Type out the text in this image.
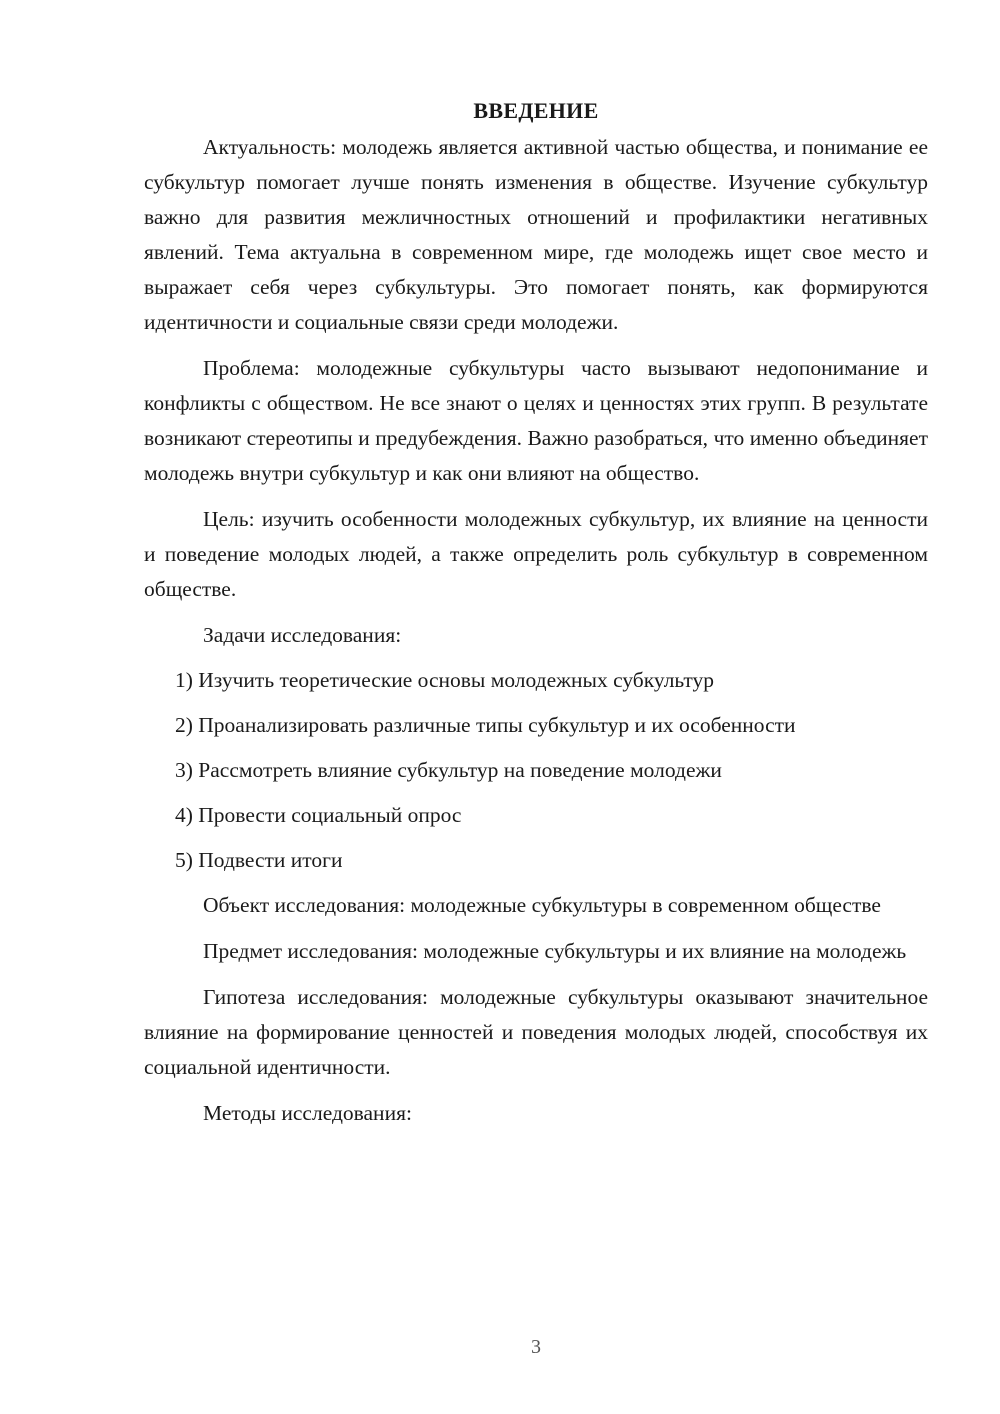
ВВЕДЕНИЕ

Актуальность: молодежь является активной частью общества, и понимание ее субкультур помогает лучше понять изменения в обществе. Изучение субкультур важно для развития межличностных отношений и профилактики негативных явлений. Тема актуальна в современном мире, где молодежь ищет свое место и выражает себя через субкультуры. Это помогает понять, как формируются идентичности и социальные связи среди молодежи.

Проблема: молодежные субкультуры часто вызывают недопонимание и конфликты с обществом. Не все знают о целях и ценностях этих групп. В результате возникают стереотипы и предубеждения. Важно разобраться, что именно объединяет молодежь внутри субкультур и как они влияют на общество.

Цель: изучить особенности молодежных субкультур, их влияние на ценности и поведение молодых людей, а также определить роль субкультур в современном обществе.

Задачи исследования:

1) Изучить теоретические основы молодежных субкультур
2) Проанализировать различные типы субкультур и их особенности
3) Рассмотреть влияние субкультур на поведение молодежи
4) Провести социальный опрос
5) Подвести итоги

Объект исследования: молодежные субкультуры в современном обществе

Предмет исследования: молодежные субкультуры и их влияние на молодежь

Гипотеза исследования: молодежные субкультуры оказывают значительное влияние на формирование ценностей и поведения молодых людей, способствуя их социальной идентичности.

Методы исследования:

3
